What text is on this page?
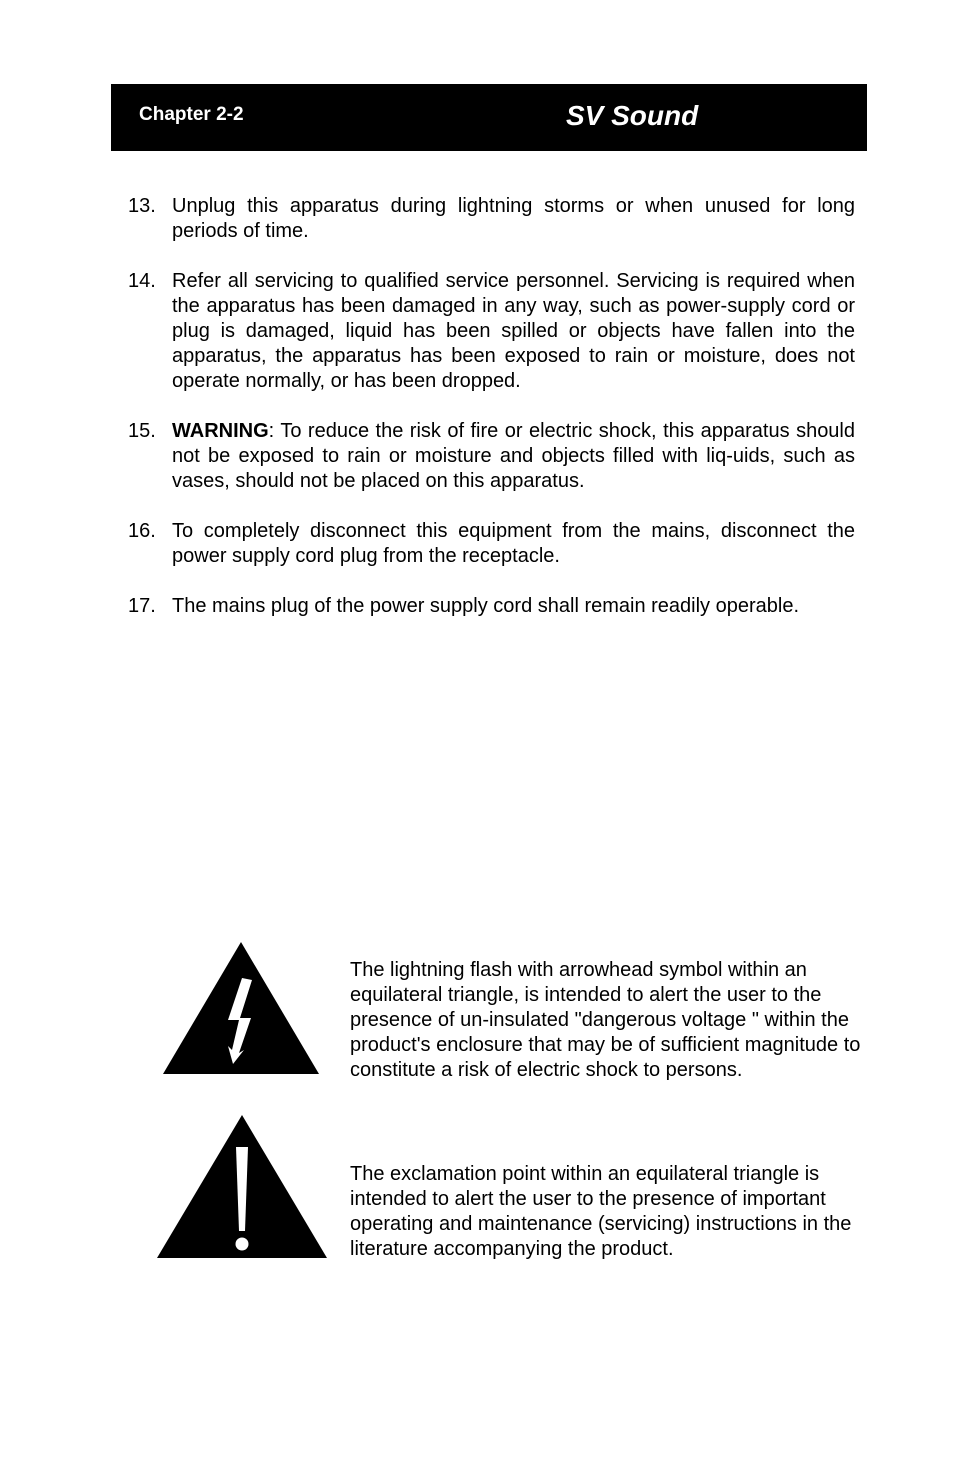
Chapter 2-2	SV Sound
13. Unplug this apparatus during lightning storms or when unused for long periods of time.
14. Refer all servicing to qualified service personnel. Servicing is required when the apparatus has been damaged in any way, such as power-supply cord or plug is damaged, liquid has been spilled or objects have fallen into the apparatus, the apparatus has been exposed to rain or moisture, does not operate normally, or has been dropped.
15. WARNING: To reduce the risk of fire or electric shock, this apparatus should not be exposed to rain or moisture and objects filled with liq-uids, such as vases, should not be placed on this apparatus.
16. To completely disconnect this equipment from the mains, disconnect the power supply cord plug from the receptacle.
17. The mains plug of the power supply cord shall remain readily operable.
The lightning flash with arrowhead symbol within an equilateral triangle, is intended to alert the user to the presence of un-insulated "dangerous voltage " within the product's enclosure that may be of sufficient magnitude to constitute a risk of electric shock to persons.
The exclamation point within an equilateral triangle is intended to alert the user to the presence of important operating and maintenance (servicing) instructions in the literature accompanying the product.
